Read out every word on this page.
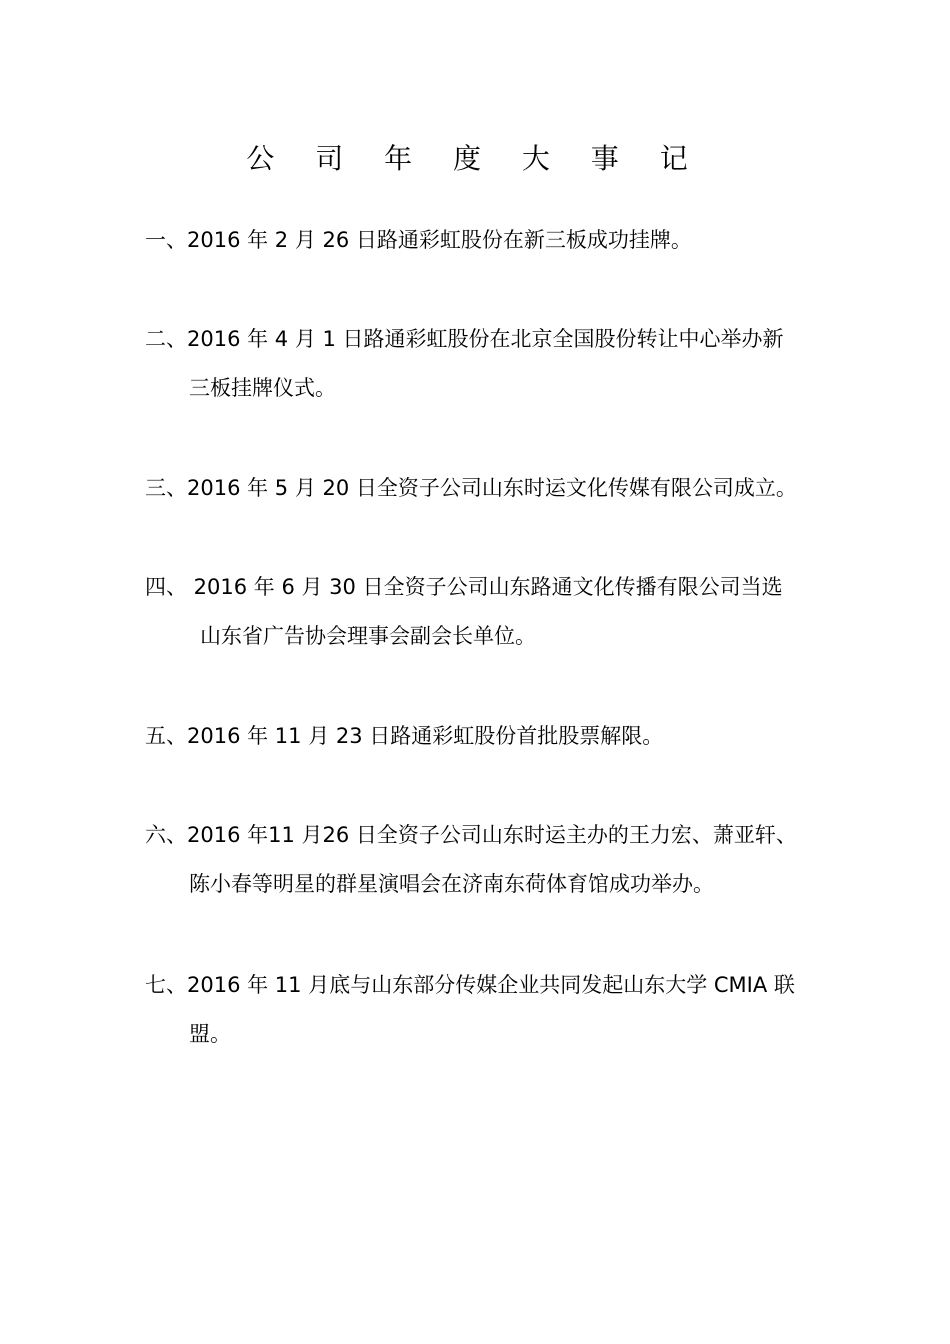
公 司 年 度 大 事 记
一、2016 年 2 月 26 日路通彩虹股份在新三板成功挂牌。
二、2016 年 4 月 1 日路通彩虹股份在北京全国股份转让中心举办新
三板挂牌仪式。
三、2016 年 5 月 20 日全资子公司山东时运文化传媒有限公司成立。
四、 2016 年 6 月 30 日全资子公司山东路通文化传播有限公司当选
山东省广告协会理事会副会长单位。
五、2016 年 11 月 23 日路通彩虹股份首批股票解限。
六、2016 年11 月26 日全资子公司山东时运主办的王力宏、萧亚轩、
陈小春等明星的群星演唱会在济南东荷体育馆成功举办。
七、2016 年 11 月底与山东部分传媒企业共同发起山东大学 CMIA 联
盟。
